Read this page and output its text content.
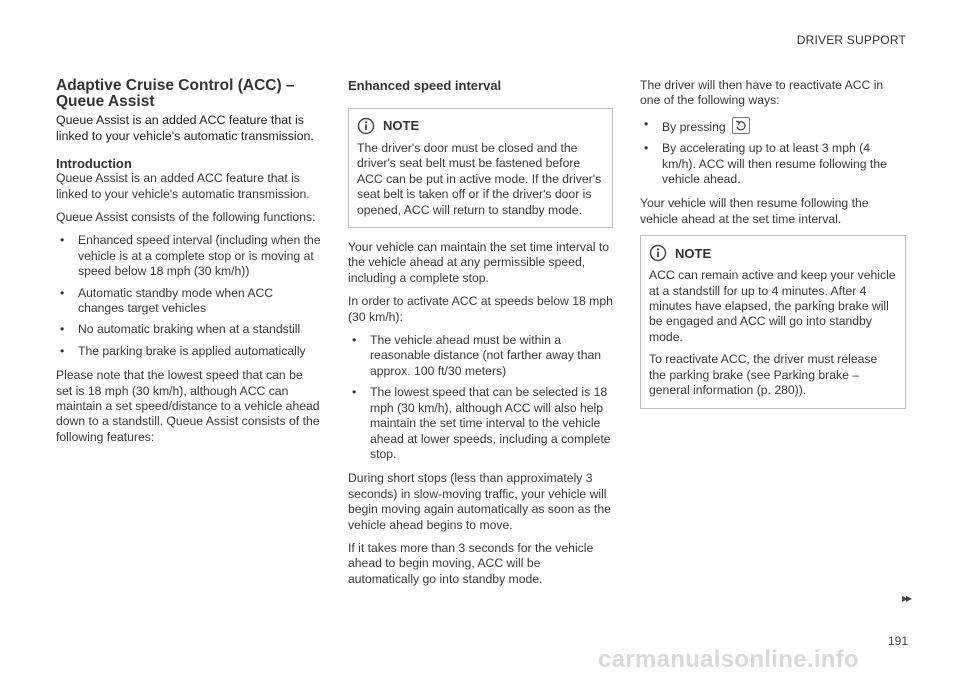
DRIVER SUPPORT
Adaptive Cruise Control (ACC) – Queue Assist

Queue Assist is an added ACC feature that is linked to your vehicle's automatic transmission.

Introduction

Queue Assist is an added ACC feature that is linked to your vehicle's automatic transmission.

Queue Assist consists of the following functions:

• Enhanced speed interval (including when the vehicle is at a complete stop or is moving at speed below 18 mph (30 km/h))
• Automatic standby mode when ACC changes target vehicles
• No automatic braking when at a standstill
• The parking brake is applied automatically

Please note that the lowest speed that can be set is 18 mph (30 km/h), although ACC can maintain a set speed/distance to a vehicle ahead down to a standstill. Queue Assist consists of the following features:

Enhanced speed interval
NOTE

The driver's door must be closed and the driver's seat belt must be fastened before ACC can be put in active mode. If the driver's seat belt is taken off or if the driver's door is opened, ACC will return to standby mode.

Your vehicle can maintain the set time interval to the vehicle ahead at any permissible speed, including a complete stop.

In order to activate ACC at speeds below 18 mph (30 km/h):

• The vehicle ahead must be within a reasonable distance (not farther away than approx. 100 ft/30 meters)
• The lowest speed that can be selected is 18 mph (30 km/h), although ACC will also help maintain the set time interval to the vehicle ahead at lower speeds, including a complete stop.

During short stops (less than approximately 3 seconds) in slow-moving traffic, your vehicle will begin moving again automatically as soon as the vehicle ahead begins to move.

If it takes more than 3 seconds for the vehicle ahead to begin moving, ACC will be automatically go into standby mode.

The driver will then have to reactivate ACC in one of the following ways:

• By pressing
• By accelerating up to at least 3 mph (4 km/h). ACC will then resume following the vehicle ahead.

Your vehicle will then resume following the vehicle ahead at the set time interval.

NOTE

ACC can remain active and keep your vehicle at a standstill for up to 4 minutes. After 4 minutes have elapsed, the parking brake will be engaged and ACC will go into standby mode.

To reactivate ACC, the driver must release the parking brake (see Parking brake – general information (p. 280)).

▸▸
191
carmanualsonline.info
